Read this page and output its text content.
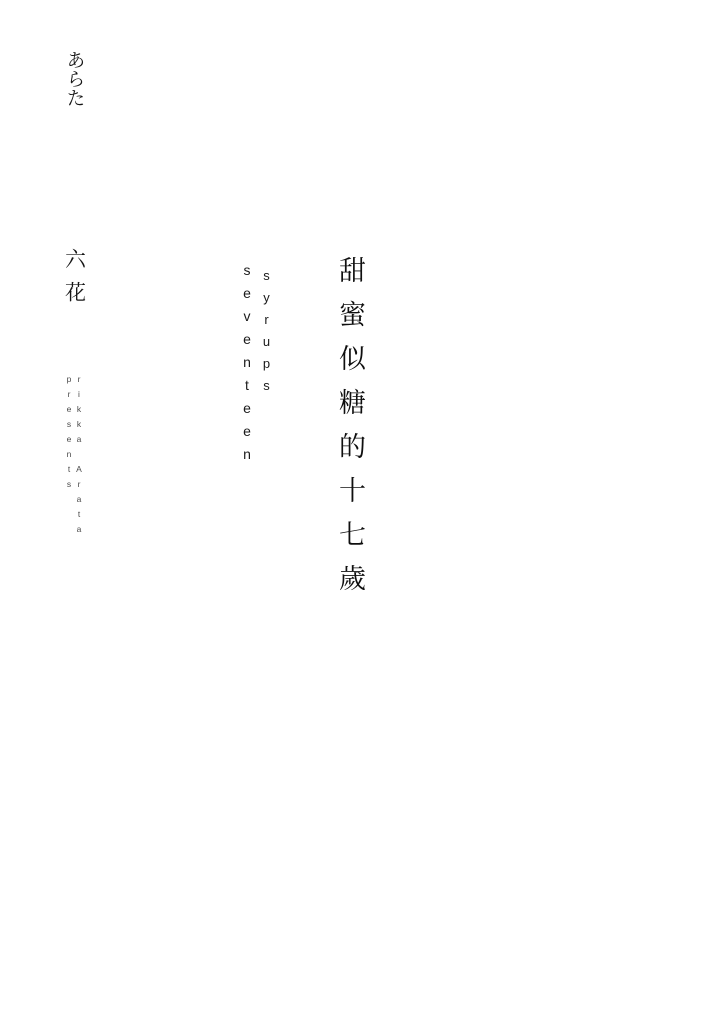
あらた
六花
rikka Arata presents	甜蜜似糖的十七歲
seventeen syrups
